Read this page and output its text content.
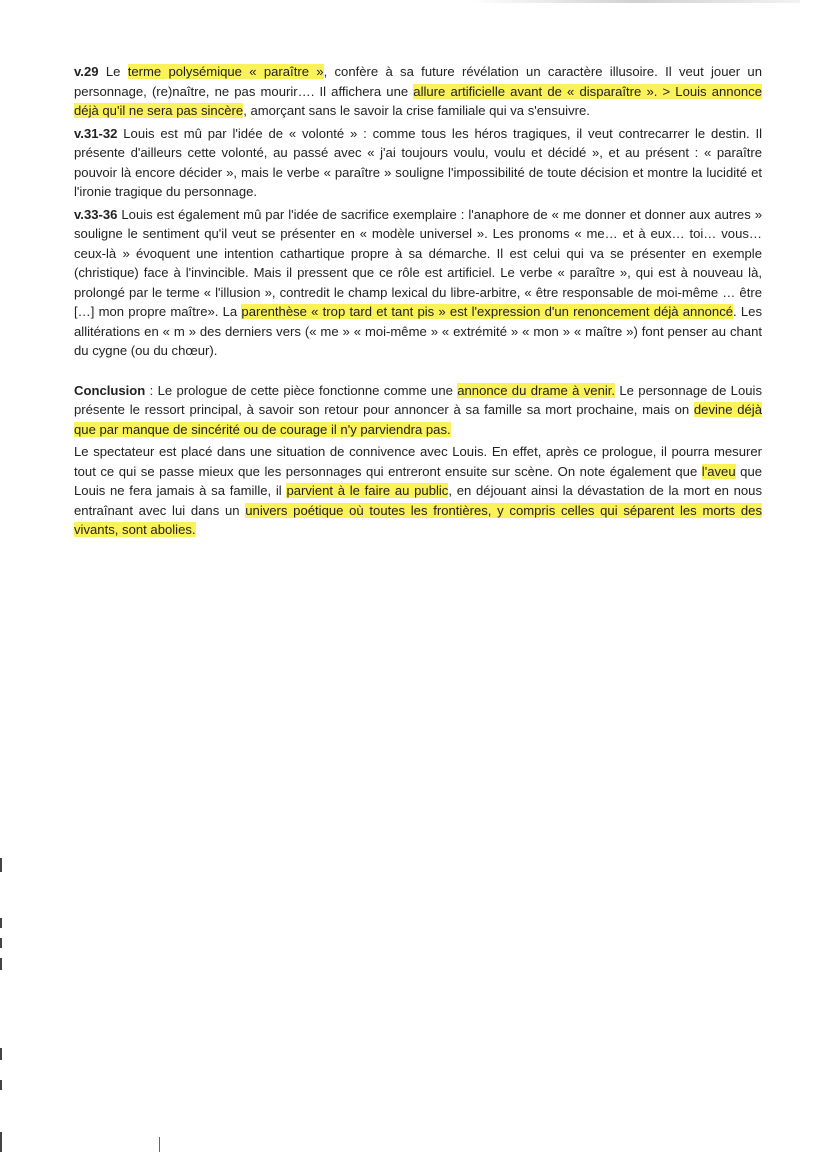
v.29 Le terme polysémique « paraître », confère à sa future révélation un caractère illusoire. Il veut jouer un personnage, (re)naître, ne pas mourir…. Il affichera une allure artificielle avant de « disparaître ». > Louis annonce déjà qu'il ne sera pas sincère, amorçant sans le savoir la crise familiale qui va s'ensuivre.

v.31-32 Louis est mû par l'idée de « volonté » : comme tous les héros tragiques, il veut contrecarrer le destin. Il présente d'ailleurs cette volonté, au passé avec « j'ai toujours voulu, voulu et décidé », et au présent : « paraître pouvoir là encore décider », mais le verbe « paraître » souligne l'impossibilité de toute décision et montre la lucidité et l'ironie tragique du personnage.

v.33-36 Louis est également mû par l'idée de sacrifice exemplaire : l'anaphore de « me donner et donner aux autres » souligne le sentiment qu'il veut se présenter en « modèle universel ». Les pronoms « me… et à eux… toi… vous… ceux-là » évoquent une intention cathartique propre à sa démarche. Il est celui qui va se présenter en exemple (christique) face à l'invincible. Mais il pressent que ce rôle est artificiel. Le verbe « paraître », qui est à nouveau là, prolongé par le terme « l'illusion », contredit le champ lexical du libre-arbitre, « être responsable de moi-même … être […] mon propre maître». La parenthèse « trop tard et tant pis » est l'expression d'un renoncement déjà annoncé. Les allitérations en « m » des derniers vers (« me » « moi-même » « extrémité » « mon » « maître ») font penser au chant du cygne (ou du chœur).

Conclusion : Le prologue de cette pièce fonctionne comme une annonce du drame à venir. Le personnage de Louis présente le ressort principal, à savoir son retour pour annoncer à sa famille sa mort prochaine, mais on devine déjà que par manque de sincérité ou de courage il n'y parviendra pas.

Le spectateur est placé dans une situation de connivence avec Louis. En effet, après ce prologue, il pourra mesurer tout ce qui se passe mieux que les personnages qui entreront ensuite sur scène. On note également que l'aveu que Louis ne fera jamais à sa famille, il parvient à le faire au public, en déjouant ainsi la dévastation de la mort en nous entraînant avec lui dans un univers poétique où toutes les frontières, y compris celles qui séparent les morts des vivants, sont abolies.
